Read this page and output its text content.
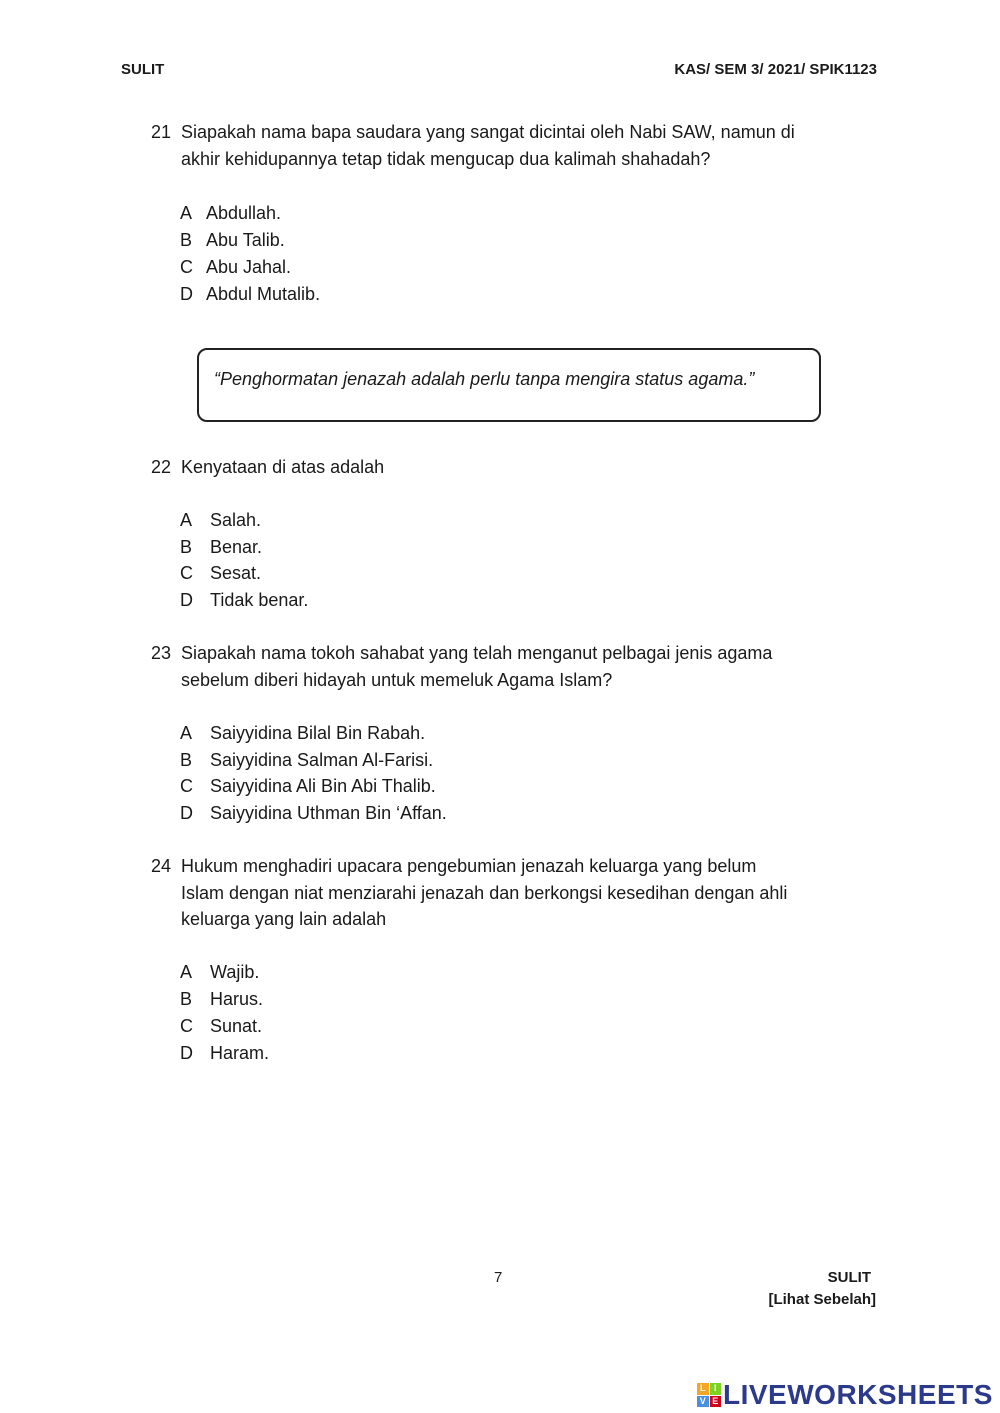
SULIT	KAS/ SEM 3/ 2021/ SPIK1123
21 Siapakah nama bapa saudara yang sangat dicintai oleh Nabi SAW, namun di
akhir kehidupannya tetap tidak mengucap dua kalimah shahadah?
A Abdullah.
B Abu Talib.
C Abu Jahal.
D Abdul Mutalib.
“Penghormatan jenazah adalah perlu tanpa mengira status agama.”
22 Kenyataan di atas adalah
A Salah.
B Benar.
C Sesat.
D Tidak benar.
23 Siapakah nama tokoh sahabat yang telah menganut pelbagai jenis agama
sebelum diberi hidayah untuk memeluk Agama Islam?
A Saiyyidina Bilal Bin Rabah.
B Saiyyidina Salman Al-Farisi.
C Saiyyidina Ali Bin Abi Thalib.
D Saiyyidina Uthman Bin ‘Affan.
24 Hukum menghadiri upacara pengebumian jenazah keluarga yang belum
Islam dengan niat menziarahi jenazah dan berkongsi kesedihan dengan ahli
keluarga yang lain adalah
A Wajib.
B Harus.
C Sunat.
D Haram.
7	SULIT
[Lihat Sebelah]
L I
V E LIVEWORKSHEETS
